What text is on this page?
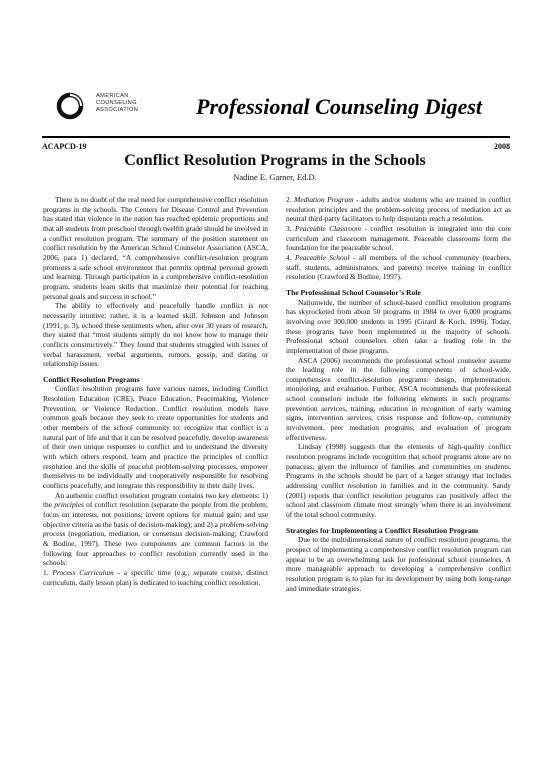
AMERICAN
COUNSELING
ASSOCIATION	Professional Counseling Digest
ACAPCD-19	2008
Conflict Resolution Programs in the Schools
Nadine E. Garner, Ed.D.

There is no doubt of the real need for comprehensive conflict resolution programs in the schools. The Centers for Disease Control and Prevention has stated that violence in the nation has reached epidemic proportions and that all students from preschool through twelfth grade should be involved in a conflict resolution program. The summary of the position statement on conflict resolution by the American School Counselor Association (ASCA, 2006, para 1) declared, “A comprehensive conflict-resolution program promotes a safe school environment that permits optimal personal growth and learning. Through participation in a comprehensive conflict-resolution program, students learn skills that maximize their potential for reaching personal goals and success in school.”

The ability to effectively and peacefully handle conflict is not necessarily intuitive; rather, it is a learned skill. Johnson and Johnson (1991, p. 3), echoed these sentiments when, after over 30 years of research, they stated that “most students simply do not know how to manage their conflicts constructively.” They found that students struggled with issues of verbal harassment, verbal arguments, rumors, gossip, and dating or relationship issues.

Conflict Resolution Programs

Conflict resolution programs have various names, including Conflict Resolution Education (CRE), Peace Education, Peacemaking, Violence Prevention, or Violence Reduction. Conflict resolution models have common goals because they seek to create opportunities for students and other members of the school community to: recognize that conflict is a natural part of life and that it can be resolved peacefully, develop awareness of their own unique responses to conflict and to understand the diversity with which others respond, learn and practice the principles of conflict resolution and the skills of peaceful problem-solving processes, empower themselves to be individually and cooperatively responsible for resolving conflicts peacefully, and integrate this responsibility in their daily lives.

An authentic conflict resolution program contains two key elements: 1) the principles of conflict resolution (separate the people from the problem; focus on interests, not positions; invent options for mutual gain; and use objective criteria as the basis of decision-making); and 2) a problem-solving process (negotiation, mediation, or consensus decision-making; Crawford & Bodine, 1997). These two components are common factors in the following four approaches to conflict resolution currently used in the schools:

1. Process Curriculum - a specific time (e.g., separate course, distinct curriculum, daily lesson plan) is dedicated to teaching conflict resolution.

2. Mediation Program - adults and/or students who are trained in conflict resolution principles and the problem-solving process of mediation act as neutral third-party facilitators to help disputants reach a resolution.

3. Peaceable Classroom - conflict resolution is integrated into the core curriculum and classroom management. Peaceable classrooms form the foundation for the peaceable school.

4. Peaceable School - all members of the school community (teachers, staff, students, administrators, and parents) receive training in conflict resolution (Crawford & Bodine, 1997).

The Professional School Counselor’s Role

Nationwide, the number of school-based conflict resolution programs has skyrocketed from about 50 programs in 1984 to over 6,000 programs involving over 300,000 students in 1995 (Girard & Koch, 1996). Today, these programs have been implemented in the majority of schools. Professional school counselors often take a leading role in the implementation of these programs.

ASCA (2006) recommends the professional school counselor assume the leading role in the following components of school-wide, comprehensive conflict-resolution programs: design, implementation, monitoring, and evaluation. Further, ASCA recommends that professional school counselors include the following elements in such programs: prevention services, training, education in recognition of early warning signs, intervention services, crisis response and follow-up, community involvement, peer mediation programs, and evaluation of program effectiveness.

Lindsay (1998) suggests that the elements of high-quality conflict resolution programs include recognition that school programs alone are no panaceas, given the influence of families and communities on students. Programs in the schools should be part of a larger strategy that includes addressing conflict resolution in families and in the community. Sandy (2001) reports that conflict resolution programs can positively affect the school and classroom climate most strongly when there is an involvement of the total school community.

Strategies for Implementing a Conflict Resolution Program

Due to the multidimensional nature of conflict resolution programs, the prospect of implementing a comprehensive conflict resolution program can appear to be an overwhelming task for professional school counselors. A more manageable approach to developing a comprehensive conflict resolution program is to plan for its development by using both long-range and immediate strategies.
